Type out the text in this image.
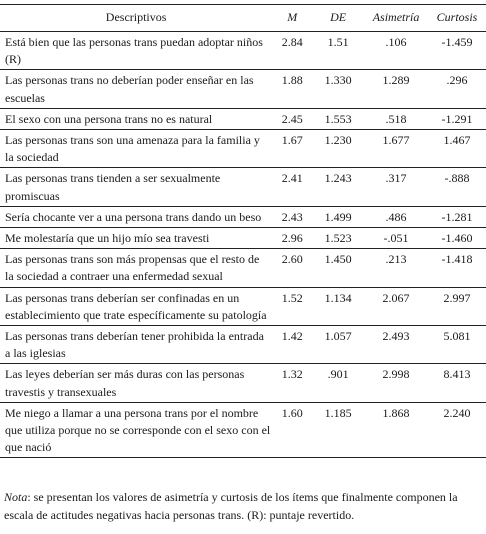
Descriptivos	M	DE	Asimetría	Curtosis
Está bien que las personas trans puedan adoptar niños (R)	2.84	1.51	.106	-1.459
Las personas trans no deberían poder enseñar en las escuelas	1.88	1.330	1.289	.296
El sexo con una persona trans no es natural	2.45	1.553	.518	-1.291
Las personas trans son una amenaza para la familia y la sociedad	1.67	1.230	1.677	1.467
Las personas trans tienden a ser sexualmente promiscuas	2.41	1.243	.317	-.888
Sería chocante ver a una persona trans dando un beso	2.43	1.499	.486	-1.281
Me molestaría que un hijo mío sea travesti	2.96	1.523	-.051	-1.460
Las personas trans son más propensas que el resto de la sociedad a contraer una enfermedad sexual	2.60	1.450	.213	-1.418
Las personas trans deberían ser confinadas en un establecimiento que trate específicamente su patología	1.52	1.134	2.067	2.997
Las personas trans deberían tener prohibida la entrada a las iglesias	1.42	1.057	2.493	5.081
Las leyes deberían ser más duras con las personas travestis y transexuales	1.32	.901	2.998	8.413
Me niego a llamar a una persona trans por el nombre que utiliza porque no se corresponde con el sexo con el que nació	1.60	1.185	1.868	2.240
Nota: se presentan los valores de asimetría y curtosis de los ítems que finalmente componen la escala de actitudes negativas hacia personas trans. (R): puntaje revertido.
